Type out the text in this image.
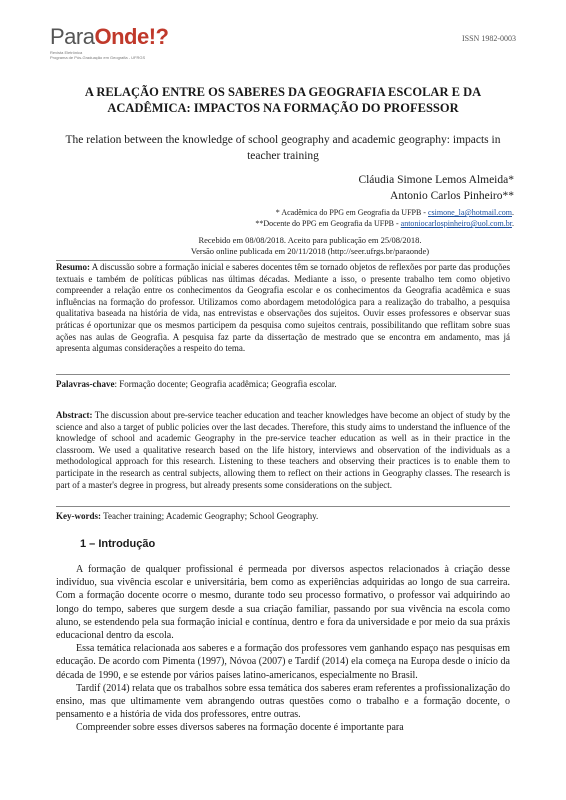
ParaOnde!?
Revista Eletrônica
Programa de Pós-Graduação em Geografia - UFRGS
ISSN 1982-0003
A RELAÇÃO ENTRE OS SABERES DA GEOGRAFIA ESCOLAR E DA ACADÊMICA: IMPACTOS NA FORMAÇÃO DO PROFESSOR
The relation between the knowledge of school geography and academic geography: impacts in teacher training
Cláudia Simone Lemos Almeida*
Antonio Carlos Pinheiro**
* Acadêmica do PPG em Geografia da UFPB - csimone_la@hotmail.com.
**Docente do PPG em Geografia da UFPB - antoniocarlospinheiro@uol.com.br.
Recebido em 08/08/2018. Aceito para publicação em 25/08/2018.
Versão online publicada em 20/11/2018 (http://seer.ufrgs.br/paraonde)
Resumo: A discussão sobre a formação inicial e saberes docentes têm se tornado objetos de reflexões por parte das produções textuais e também de políticas públicas nas últimas décadas. Mediante a isso, o presente trabalho tem como objetivo compreender a relação entre os conhecimentos da Geografia escolar e os conhecimentos da Geografia acadêmica e suas influências na formação do professor. Utilizamos como abordagem metodológica para a realização do trabalho, a pesquisa qualitativa baseada na história de vida, nas entrevistas e observações dos sujeitos. Ouvir esses professores e observar suas práticas é oportunizar que os mesmos participem da pesquisa como sujeitos centrais, possibilitando que reflitam sobre suas ações nas aulas de Geografia. A pesquisa faz parte da dissertação de mestrado que se encontra em andamento, mas já apresenta algumas considerações a respeito do tema.
Palavras-chave: Formação docente; Geografia acadêmica; Geografia escolar.
Abstract: The discussion about pre-service teacher education and teacher knowledges have become an object of study by the science and also a target of public policies over the last decades. Therefore, this study aims to understand the influence of the knowledge of school and academic Geography in the pre-service teacher education as well as in their practice in the classroom. We used a qualitative research based on the life history, interviews and observation of the individuals as a methodological approach for this research. Listening to these teachers and observing their practices is to enable them to participate in the research as central subjects, allowing them to reflect on their actions in Geography classes. The research is part of a master's degree in progress, but already presents some considerations on the subject.
Key-words: Teacher training; Academic Geography; School Geography.
1 – Introdução

A formação de qualquer profissional é permeada por diversos aspectos relacionados à criação desse indivíduo, sua vivência escolar e universitária, bem como as experiências adquiridas ao longo de sua carreira. Com a formação docente ocorre o mesmo, durante todo seu processo formativo, o professor vai adquirindo ao longo do tempo, saberes que surgem desde a sua criação familiar, passando por sua vivência na escola como aluno, se estendendo pela sua formação inicial e contínua, dentro e fora da universidade e por meio da sua práxis educacional dentro da escola.

Essa temática relacionada aos saberes e a formação dos professores vem ganhando espaço nas pesquisas em educação. De acordo com Pimenta (1997), Nóvoa (2007) e Tardif (2014) ela começa na Europa desde o início da década de 1990, e se estende por vários países latino-americanos, especialmente no Brasil.

Tardif (2014) relata que os trabalhos sobre essa temática dos saberes eram referentes a profissionalização do ensino, mas que ultimamente vem abrangendo outras questões como o trabalho e a formação docente, o pensamento e a história de vida dos professores, entre outras.

Compreender sobre esses diversos saberes na formação docente é importante para
